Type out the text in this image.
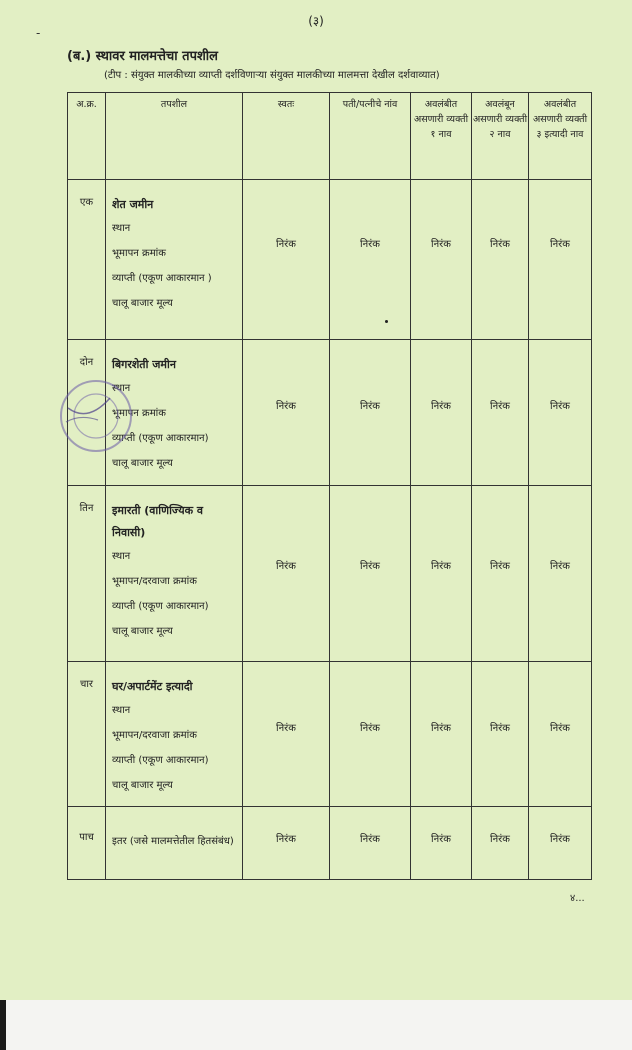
(३)
-
(ब.) स्थावर मालमत्तेचा तपशील
(टीप : संयुक्त मालकीच्या व्याप्ती दर्शविणाऱ्या संयुक्त मालकीच्या मालमत्ता देखील दर्शवाव्यात)
अ.क्र.	तपशील	स्वतः	पती/पत्नीचे नांव	अवलंबीत असणारी व्यक्ती १ नाव	अवलंबून असणारी व्यक्ती २ नाव	अवलंबीत असणारी व्यक्ती ३ इत्यादी नाव
एक	शेत जमीन
स्थान
भूमापन क्रमांक
व्याप्ती (एकूण आकारमान )
चालू बाजार मूल्य	निरंक	निरंक	निरंक	निरंक	निरंक

दोन	बिगरशेती जमीन
स्थान
भूमापन क्रमांक
व्याप्ती (एकूण आकारमान)
चालू बाजार मूल्य	निरंक	निरंक	निरंक	निरंक	निरंक

तिन	इमारती (वाणिज्यिक व निवासी)
स्थान
भूमापन/दरवाजा क्रमांक
व्याप्ती (एकूण आकारमान)
चालू बाजार मूल्य	निरंक	निरंक	निरंक	निरंक	निरंक

चार	घर/अपार्टमेंट इत्यादी
स्थान
भूमापन/दरवाजा क्रमांक
व्याप्ती (एकूण आकारमान)
चालू बाजार मूल्य	निरंक	निरंक	निरंक	निरंक	निरंक

पाच	इतर (जसे मालमत्तेतील हितसंबंध)	निरंक	निरंक	निरंक	निरंक	निरंक
४...
